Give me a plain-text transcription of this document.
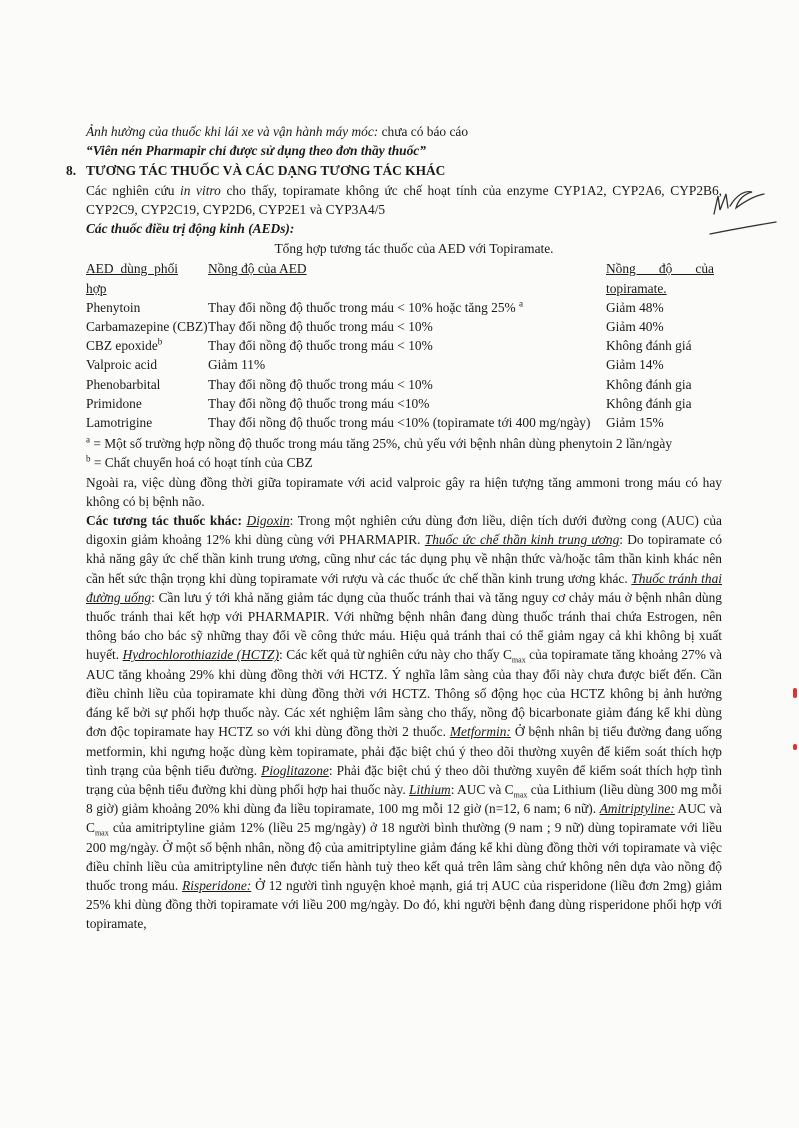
Ảnh hưởng của thuốc khi lái xe và vận hành máy móc: chưa có báo cáo

“Viên nén Pharmapir chỉ được sử dụng theo đơn thầy thuốc”

8. TƯƠNG TÁC THUỐC VÀ CÁC DẠNG TƯƠNG TÁC KHÁC

Các nghiên cứu in vitro cho thấy, topiramate không ức chế hoạt tính của enzyme CYP1A2, CYP2A6, CYP2B6, CYP2C9, CYP2C19, CYP2D6, CYP2E1 và CYP3A4/5

Các thuốc điều trị động kinh (AEDs):

Tổng hợp tương tác thuốc của AED với Topiramate.

AED dùng phối hợp	Nồng độ của AED	Nồng độ của topiramate.

Phenytoin	Thay đổi nồng độ thuốc trong máu < 10% hoặc tăng 25% $^a$	Giảm 48%
Carbamazepine (CBZ)	Thay đổi nồng độ thuốc trong máu < 10%	Giảm 40%
CBZ epoxide$^b$	Thay đổi nồng độ thuốc trong máu < 10%	Không đánh giá
Valproic acid	Giảm 11%	Giảm 14%
Phenobarbital	Thay đổi nồng độ thuốc trong máu < 10%	Không đánh gia
Primidone	Thay đổi nồng độ thuốc trong máu <10%	Không đánh gia
Lamotrigine	Thay đổi nồng độ thuốc trong máu <10% (topiramate tới 400 mg/ngày)	Giảm 15%

$^a$ = Một số trường hợp nồng độ thuốc trong máu tăng 25%, chủ yếu với bệnh nhân dùng phenytoin 2 lần/ngày

$^b$ = Chất chuyển hoá có hoạt tính của CBZ

Ngoài ra, việc dùng đồng thời giữa topiramate với acid valproic gây ra hiện tượng tăng ammoni trong máu có hay không có bị bệnh não.

Các tương tác thuốc khác: Digoxin: Trong một nghiên cứu dùng đơn liều, diện tích dưới đường cong (AUC) của digoxin giảm khoảng 12% khi dùng cùng với PHARMAPIR. Thuốc ức chế thần kinh trung ương: Do topiramate có khả năng gây ức chế thần kinh trung ương, cũng như các tác dụng phụ về nhận thức và/hoặc tâm thần kinh khác nên cần hết sức thận trọng khi dùng topiramate với rượu và các thuốc ức chế thần kinh trung ương khác. Thuốc tránh thai đường uống: Cần lưu ý tới khả năng giảm tác dụng của thuốc tránh thai và tăng nguy cơ chảy máu ở bệnh nhân dùng thuốc tránh thai kết hợp với PHARMAPIR. Với những bệnh nhân đang dùng thuốc tránh thai chứa Estrogen, nên thông báo cho bác sỹ những thay đổi về công thức máu. Hiệu quả tránh thai có thể giảm ngay cả khi không bị xuất huyết. Hydrochlorothiazide (HCTZ): Các kết quả từ nghiên cứu này cho thấy $C_{max}$ của topiramate tăng khoảng 27% và AUC tăng khoảng 29% khi dùng đồng thời với HCTZ. Ý nghĩa lâm sàng của thay đổi này chưa được biết đến. Cần điều chỉnh liều của topiramate khi dùng đồng thời với HCTZ. Thông số động học của HCTZ không bị ảnh hưởng đáng kể bởi sự phối hợp thuốc này. Các xét nghiệm lâm sàng cho thấy, nồng độ bicarbonate giảm đáng kể khi dùng đơn độc topiramate hay HCTZ so với khi dùng đồng thời 2 thuốc. Metformin: Ở bệnh nhân bị tiểu đường đang uống metformin, khi ngưng hoặc dùng kèm topiramate, phải đặc biệt chú ý theo dõi thường xuyên để kiểm soát thích hợp tình trạng của bệnh tiểu đường. Pioglitazone: Phải đặc biệt chú ý theo dõi thường xuyên để kiểm soát thích hợp tình trạng của bệnh tiểu đường khi dùng phối hợp hai thuốc này. Lithium: AUC và $C_{max}$ của Lithium (liều dùng 300 mg mỗi 8 giờ) giảm khoảng 20% khi dùng đa liều topiramate, 100 mg mỗi 12 giờ (n=12, 6 nam; 6 nữ). Amitriptyline: AUC và $C_{max}$ của amitriptyline giảm 12% (liều 25 mg/ngày) ở 18 người bình thường (9 nam ; 9 nữ) dùng topiramate với liều 200 mg/ngày. Ở một số bệnh nhân, nồng độ của amitriptyline giảm đáng kể khi dùng đồng thời với topiramate và việc điều chỉnh liều của amitriptyline nên được tiến hành tuỳ theo kết quả trên lâm sàng chứ không nên dựa vào nồng độ thuốc trong máu. Risperidone: Ở 12 người tình nguyện khoẻ mạnh, giá trị AUC của risperidone (liều đơn 2mg) giảm 25% khi dùng đồng thời topiramate với liều 200 mg/ngày. Do đó, khi người bệnh đang dùng risperidone phối hợp với topiramate,
